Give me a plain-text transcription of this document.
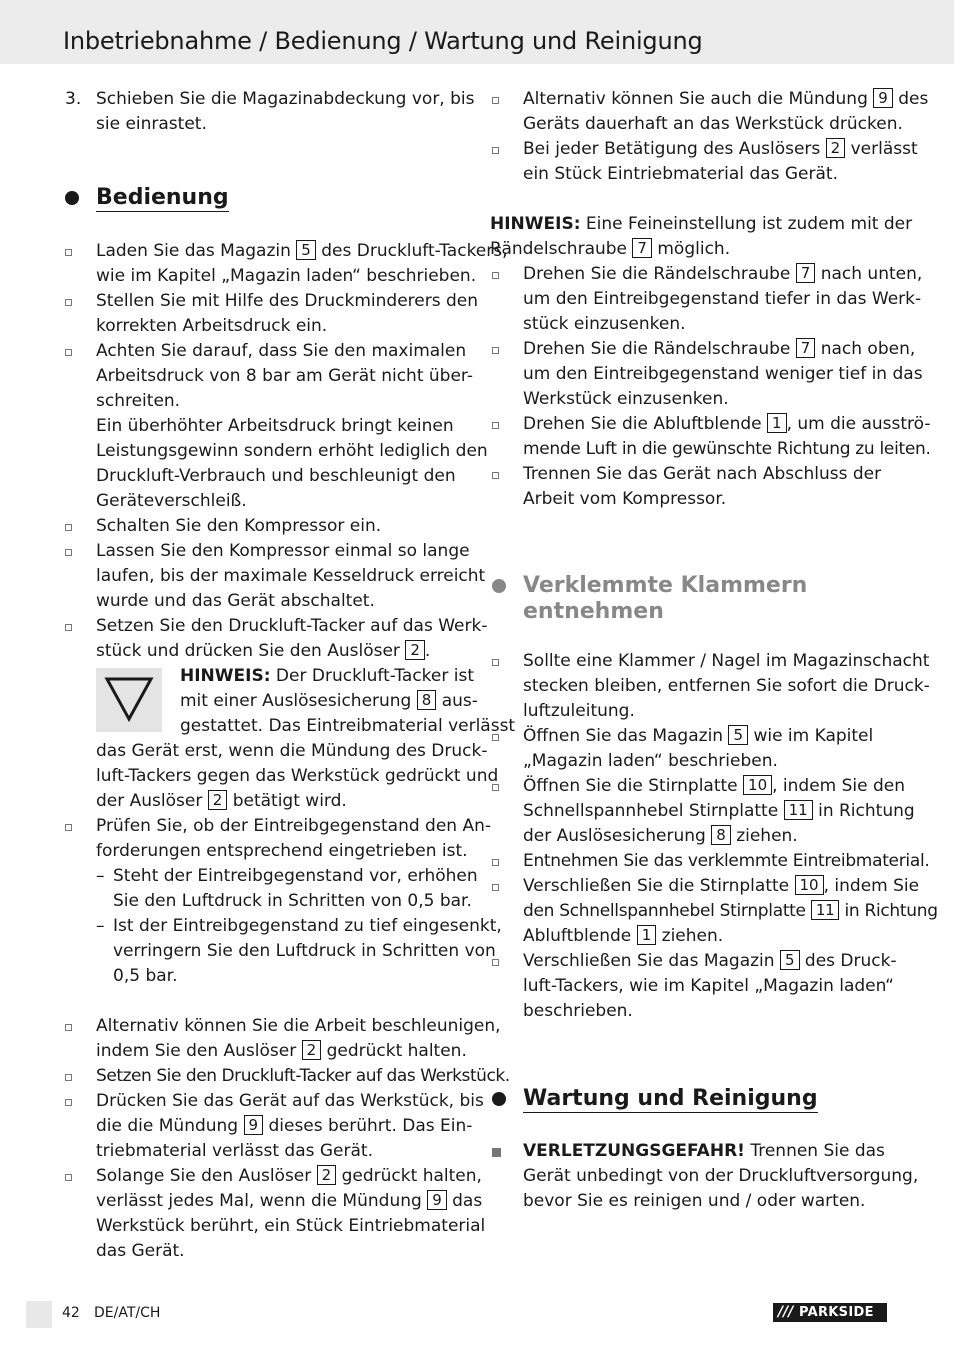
Inbetriebnahme / Bedienung / Wartung und Reinigung
3. Schieben Sie die Magazinabdeckung vor, bis
sie einrastet.
Bedienung
Laden Sie das Magazin 5 des Druckluft-Tackers,
wie im Kapitel „Magazin laden“ beschrieben.
Stellen Sie mit Hilfe des Druckminderers den
korrekten Arbeitsdruck ein.
Achten Sie darauf, dass Sie den maximalen
Arbeitsdruck von 8 bar am Gerät nicht über-
schreiten.
Ein überhöhter Arbeitsdruck bringt keinen
Leistungsgewinn sondern erhöht lediglich den
Druckluft-Verbrauch und beschleunigt den
Geräteverschleiß.
Schalten Sie den Kompressor ein.
Lassen Sie den Kompressor einmal so lange
laufen, bis der maximale Kesseldruck erreicht
wurde und das Gerät abschaltet.
Setzen Sie den Druckluft-Tacker auf das Werk-
stück und drücken Sie den Auslöser 2 .
HINWEIS: Der Druckluft-Tacker ist
mit einer Auslösesicherung 8 aus-
gestattet. Das Eintreibmaterial verlässt
das Gerät erst, wenn die Mündung des Druck-
luft-Tackers gegen das Werkstück gedrückt und
der Auslöser 2 betätigt wird.
Prüfen Sie, ob der Eintreibgegenstand den An-
forderungen entsprechend eingetrieben ist.
– Steht der Eintreibgegenstand vor, erhöhen
Sie den Luftdruck in Schritten von 0,5 bar.
– Ist der Eintreibgegenstand zu tief eingesenkt,
verringern Sie den Luftdruck in Schritten von
0,5 bar.
Alternativ können Sie die Arbeit beschleunigen,
indem Sie den Auslöser 2 gedrückt halten.
Setzen Sie den Druckluft-Tacker auf das Werkstück.
Drücken Sie das Gerät auf das Werkstück, bis
die die Mündung 9 dieses berührt. Das Ein-
triebmaterial verlässt das Gerät.
Solange Sie den Auslöser 2 gedrückt halten,
verlässt jedes Mal, wenn die Mündung 9 das
Werkstück berührt, ein Stück Eintriebmaterial
das Gerät.
Alternativ können Sie auch die Mündung 9 des
Geräts dauerhaft an das Werkstück drücken.
Bei jeder Betätigung des Auslösers 2 verlässt
ein Stück Eintriebmaterial das Gerät.
HINWEIS: Eine Feineinstellung ist zudem mit der
Rändelschraube 7 möglich.
Drehen Sie die Rändelschraube 7 nach unten,
um den Eintreibgegenstand tiefer in das Werk-
stück einzusenken.
Drehen Sie die Rändelschraube 7 nach oben,
um den Eintreibgegenstand weniger tief in das
Werkstück einzusenken.
Drehen Sie die Abluftblende 1 , um die ausströ-
mende Luft in die gewünschte Richtung zu leiten.
Trennen Sie das Gerät nach Abschluss der
Arbeit vom Kompressor.
Verklemmte Klammern
entnehmen
Sollte eine Klammer / Nagel im Magazinschacht
stecken bleiben, entfernen Sie sofort die Druck-
luftzuleitung.
Öffnen Sie das Magazin 5 wie im Kapitel
„Magazin laden“ beschrieben.
Öffnen Sie die Stirnplatte 10 , indem Sie den
Schnellspannhebel Stirnplatte 11 in Richtung
der Auslösesicherung 8 ziehen.
Entnehmen Sie das verklemmte Eintreibmaterial.
Verschließen Sie die Stirnplatte 10 , indem Sie
den Schnellspannhebel Stirnplatte 11 in Richtung
Abluftblende 1 ziehen.
Verschließen Sie das Magazin 5 des Druck-
luft-Tackers, wie im Kapitel „Magazin laden“
beschrieben.
Wartung und Reinigung
VERLETZUNGSGEFAHR! Trennen Sie das
Gerät unbedingt von der Druckluftversorgung,
bevor Sie es reinigen und / oder warten.
42 DE/AT/CH	/// PARKSIDE
